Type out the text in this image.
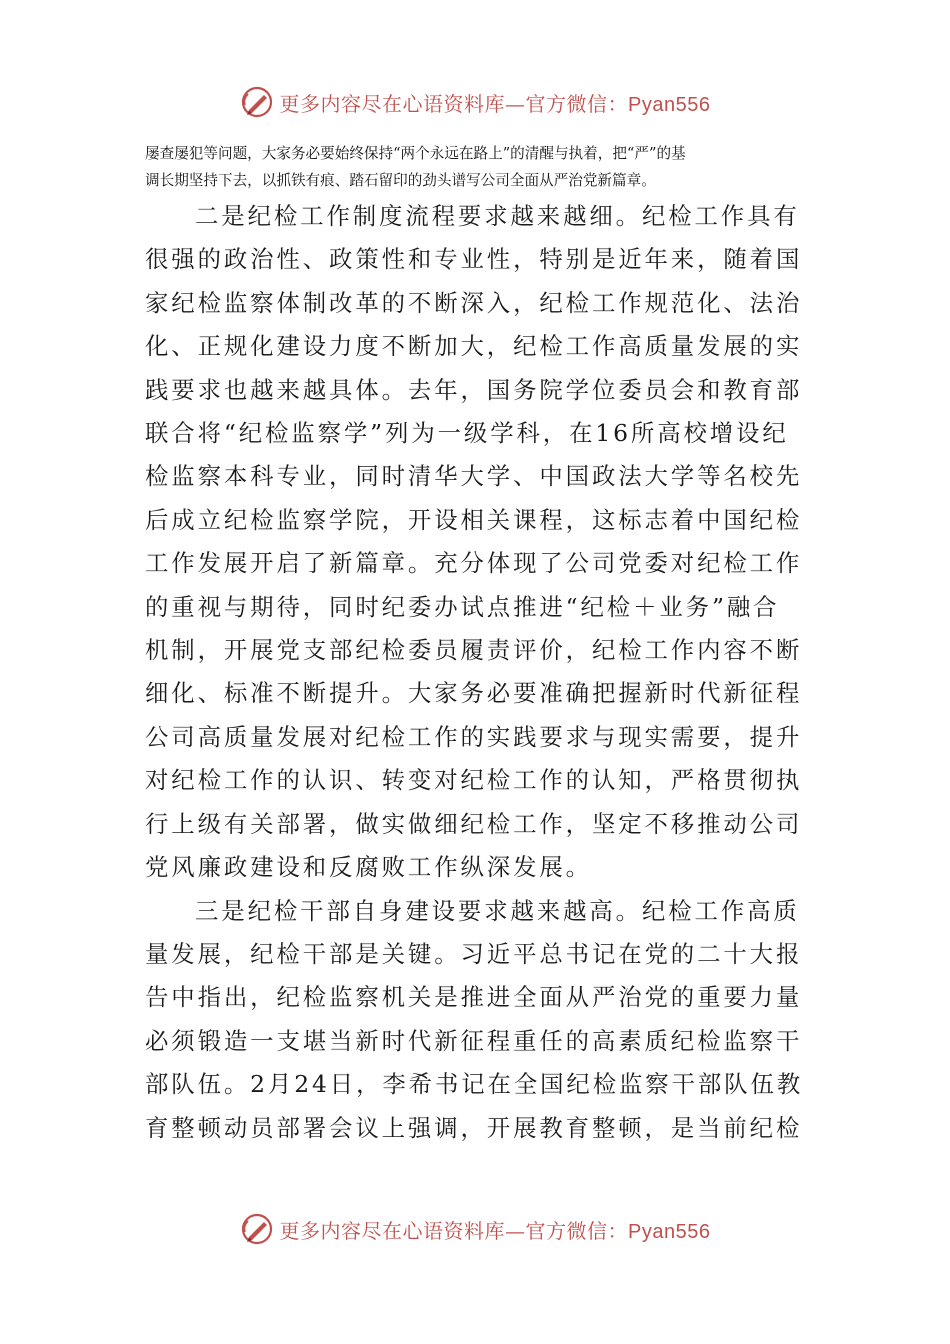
更多内容尽在心语资料库—官方微信：Pyan556

屡查屡犯等问题，大家务必要始终保持“两个永远在路上”的清醒与执着，把“严”的基

调长期坚持下去，以抓铁有痕、踏石留印的劲头谱写公司全面从严治党新篇章。

二是纪检工作制度流程要求越来越细。纪检工作具有
很强的政治性、政策性和专业性，特别是近年来，随着国
家纪检监察体制改革的不断深入，纪检工作规范化、法治
化、正规化建设力度不断加大，纪检工作高质量发展的实
践要求也越来越具体。去年，国务院学位委员会和教育部
联合将“纪检监察学”列为一级学科，在16所高校增设纪
检监察本科专业，同时清华大学、中国政法大学等名校先
后成立纪检监察学院，开设相关课程，这标志着中国纪检
工作发展开启了新篇章。充分体现了公司党委对纪检工作
的重视与期待，同时纪委办试点推进“纪检＋业务”融合
机制，开展党支部纪检委员履责评价，纪检工作内容不断
细化、标准不断提升。大家务必要准确把握新时代新征程
公司高质量发展对纪检工作的实践要求与现实需要，提升
对纪检工作的认识、转变对纪检工作的认知，严格贯彻执
行上级有关部署，做实做细纪检工作，坚定不移推动公司
党风廉政建设和反腐败工作纵深发展。

三是纪检干部自身建设要求越来越高。纪检工作高质
量发展，纪检干部是关键。习近平总书记在党的二十大报
告中指出，纪检监察机关是推进全面从严治党的重要力量
必须锻造一支堪当新时代新征程重任的高素质纪检监察干
部队伍。2月24日，李希书记在全国纪检监察干部队伍教
育整顿动员部署会议上强调，开展教育整顿，是当前纪检

更多内容尽在心语资料库—官方微信：Pyan556
